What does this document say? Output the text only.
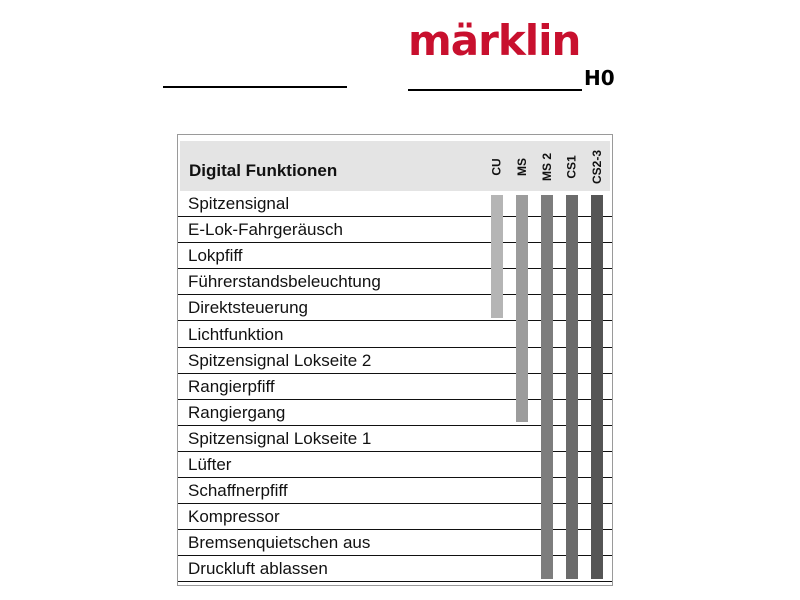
märklin
H0
Digital Funktionen	CU MS MS 2 CS1 CS2-3
Spitzensignal
E-Lok-Fahrgeräusch
Lokpfiff
Führerstandsbeleuchtung
Direktsteuerung
Lichtfunktion
Spitzensignal Lokseite 2
Rangierpfiff
Rangiergang
Spitzensignal Lokseite 1
Lüfter
Schaffnerpfiff
Kompressor
Bremsenquietschen aus
Druckluft ablassen
